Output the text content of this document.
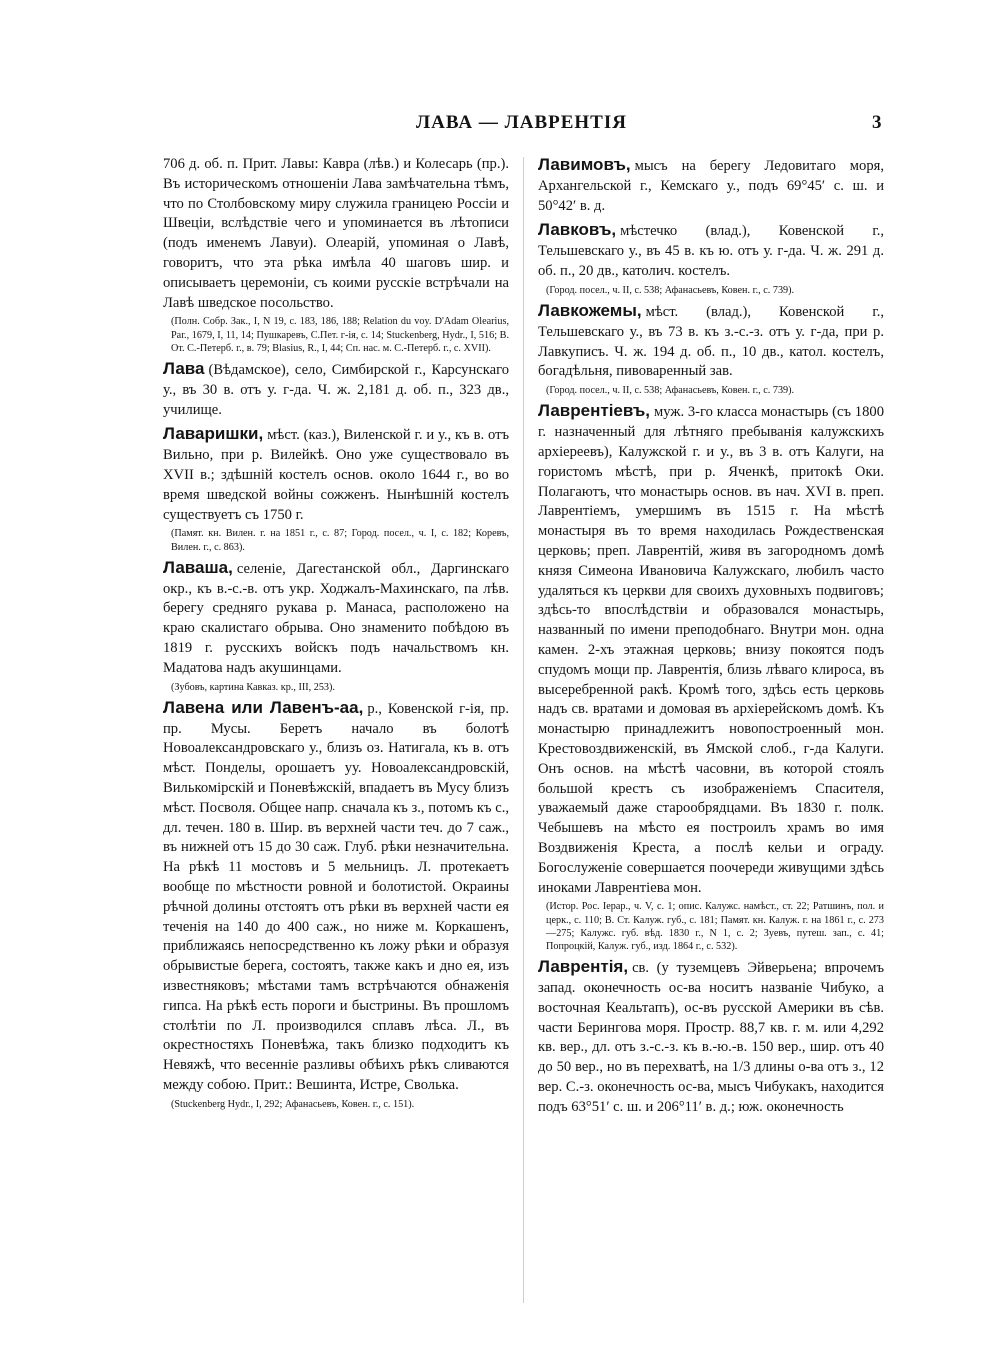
ЛАВА — ЛАВРЕНТІЯ	3

706 д. об. п. Прит. Лавы: Кавра (лѣв.) и Колесарь (пр.). Въ историческомъ отношеніи Лава замѣчательна тѣмъ, что по Столбовскому миру служила границею Россіи и Швеціи, вслѣдствіе чего и упоминается въ лѣтописи (подъ именемъ Лавуи). Олеарій, упоминая о Лавѣ, говоритъ, что эта рѣка имѣла 40 шаговъ шир. и описываетъ церемоніи, съ коими русскіе встрѣчали на Лавѣ шведское посольство.

(Полн. Собр. Зак., I, N 19, с. 183, 186, 188; Relation du voy. D'Adam Olearius, Par., 1679, I, 11, 14; Пушкаревъ, С.Пет. г-ія, с. 14; Stuckenberg, Hydr., I, 516; В. От. С.-Петерб. г., в. 79; Blasius, R., I, 44; Сп. нас. м. С.-Петерб. г., с. XVII).

Лава (Вѣдамское), село, Симбирской г., Карсунскаго у., въ 30 в. отъ у. г-да. Ч. ж. 2,181 д. об. п., 323 дв., училище.

Лаваришки, мѣст. (каз.), Виленской г. и у., къ в. отъ Вильно, при р. Вилейкѣ. Оно уже существовало въ XVII в.; здѣшній костелъ основ. около 1644 г., во во время шведской войны сожженъ. Нынѣшній костелъ существуетъ съ 1750 г.

(Памят. кн. Вилен. г. на 1851 г., с. 87; Город. посел., ч. I, с. 182; Коревъ, Вилен. г., с. 863).

Лаваша, селеніе, Дагестанской обл., Даргинскаго окр., къ в.-с.-в. отъ укр. Ходжалъ-Махинскаго, па лѣв. берегу средняго рукава р. Манаса, расположено на краю скалистаго обрыва. Оно знаменито побѣдою въ 1819 г. русскихъ войскъ подъ начальствомъ кн. Мадатова надъ акушинцами.

(Зубовъ, картина Кавказ. кр., III, 253).

Лавена или Лавенъ-аа, р., Ковенской г-ія, пр. пр. Мусы. Беретъ начало въ болотѣ Новоалександровскаго у., близъ оз. Натигала, къ в. отъ мѣст. Понделы, орошаетъ уу. Новоалександровскій, Вилькомірскій и Поневѣжскій, впадаетъ въ Мусу близъ мѣст. Посволя. Общее напр. сначала къ з., потомъ къ с., дл. течен. 180 в. Шир. въ верхней части теч. до 7 саж., въ нижней отъ 15 до 30 саж. Глуб. рѣки незначительна. На рѣкѣ 11 мостовъ и 5 мельницъ. Л. протекаетъ вообще по мѣстности ровной и болотистой. Окраины рѣчной долины отстоятъ отъ рѣки въ верхней части ея теченія на 140 до 400 саж., но ниже м. Коркашенъ, приближаясь непосредственно къ ложу рѣки и образуя обрывистые берега, состоятъ, также какъ и дно ея, изъ известняковъ; мѣстами тамъ встрѣчаются обнаженія гипса. На рѣкѣ есть пороги и быстрины. Въ прошломъ столѣтіи по Л. производился сплавъ лѣса. Л., въ окрестностяхъ Поневѣжа, такъ близко подходитъ къ Невяжѣ, что весенніе разливы обѣихъ рѣкъ сливаются между собою. Прит.: Вешинта, Истре, Сволька.

(Stuckenberg Hydr., I, 292; Афанасьевъ, Ковен. г., с. 151).

Лавимовъ, мысъ на берегу Ледовитаго моря, Архангельской г., Кемскаго у., подъ 69°45′ с. ш. и 50°42′ в. д.

Лавковъ, мѣстечко (влад.), Ковенской г., Тельшевскаго у., въ 45 в. къ ю. отъ у. г-да. Ч. ж. 291 д. об. п., 20 дв., католич. костелъ.

(Город. посел., ч. II, с. 538; Афанасьевъ, Ковен. г., с. 739).

Лавкожемы, мѣст. (влад.), Ковенской г., Тельшевскаго у., въ 73 в. къ з.-с.-з. отъ у. г-да, при р. Лавкуписъ. Ч. ж. 194 д. об. п., 10 дв., катол. костелъ, богадѣльня, пивоваренный зав.

(Город. посел., ч. II, с. 538; Афанасьевъ, Ковен. г., с. 739).

Лаврентіевъ, муж. 3-го класса монастырь (съ 1800 г. назначенный для лѣтняго пребыванія калужскихъ архіереевъ), Калужской г. и у., въ 3 в. отъ Калуги, на гористомъ мѣстѣ, при р. Яченкѣ, притокѣ Оки. Полагаютъ, что монастырь основ. въ нач. XVI в. преп. Лаврентіемъ, умершимъ въ 1515 г. На мѣстѣ монастыря въ то время находилась Рождественская церковь; преп. Лаврентій, живя въ загородномъ домѣ князя Симеона Ивановича Калужскаго, любилъ часто удаляться къ церкви для своихъ духовныхъ подвиговъ; здѣсь-то впослѣдствіи и образовался монастырь, названный по имени преподобнаго. Внутри мон. одна камен. 2-хъ этажная церковь; внизу покоятся подъ спудомъ мощи пр. Лаврентія, близь лѣваго клироса, въ высеребренной ракѣ. Кромѣ того, здѣсь есть церковь надъ св. вратами и домовая въ архіерейскомъ домѣ. Къ монастырю принадлежитъ новопостроенный мон. Крестовоздвиженскій, въ Ямской слоб., г-да Калуги. Онъ основ. на мѣстѣ часовни, въ которой стоялъ большой крестъ съ изображеніемъ Спасителя, уважаемый даже старообрядцами. Въ 1830 г. полк. Чебышевъ на мѣсто ея построилъ храмъ во имя Воздвиженія Креста, а послѣ кельи и ограду. Богослуженіе совершается поочереди живущими здѣсь иноками Лаврентіева мон.

(Истор. Рос. Іерар., ч. V, с. 1; опис. Калужс. намѣст., ст. 22; Ратшинъ, пол. и церк., с. 110; В. Ст. Калуж. губ., с. 181; Памят. кн. Калуж. г. на 1861 г., с. 273—275; Калужс. губ. вѣд. 1830 г., N 1, с. 2; Зуевъ, путеш. зап., с. 41; Попроцкій, Калуж. губ., изд. 1864 г., с. 532).

Лаврентія, св. (у туземцевъ Эйверьена; впрочемъ запад. оконечность ос-ва носитъ названіе Чибуко, а восточная Кеальтапъ), ос-въ русской Америки въ сѣв. части Берингова моря. Простр. 88,7 кв. г. м. или 4,292 кв. вер., дл. отъ з.-с.-з. къ в.-ю.-в. 150 вер., шир. отъ 40 до 50 вер., но въ перехватѣ, на 1/3 длины о-ва отъ з., 12 вер. С.-з. оконечность ос-ва, мысъ Чибукакъ, находится подъ 63°51′ с. ш. и 206°11′ в. д.; юж. оконечность
